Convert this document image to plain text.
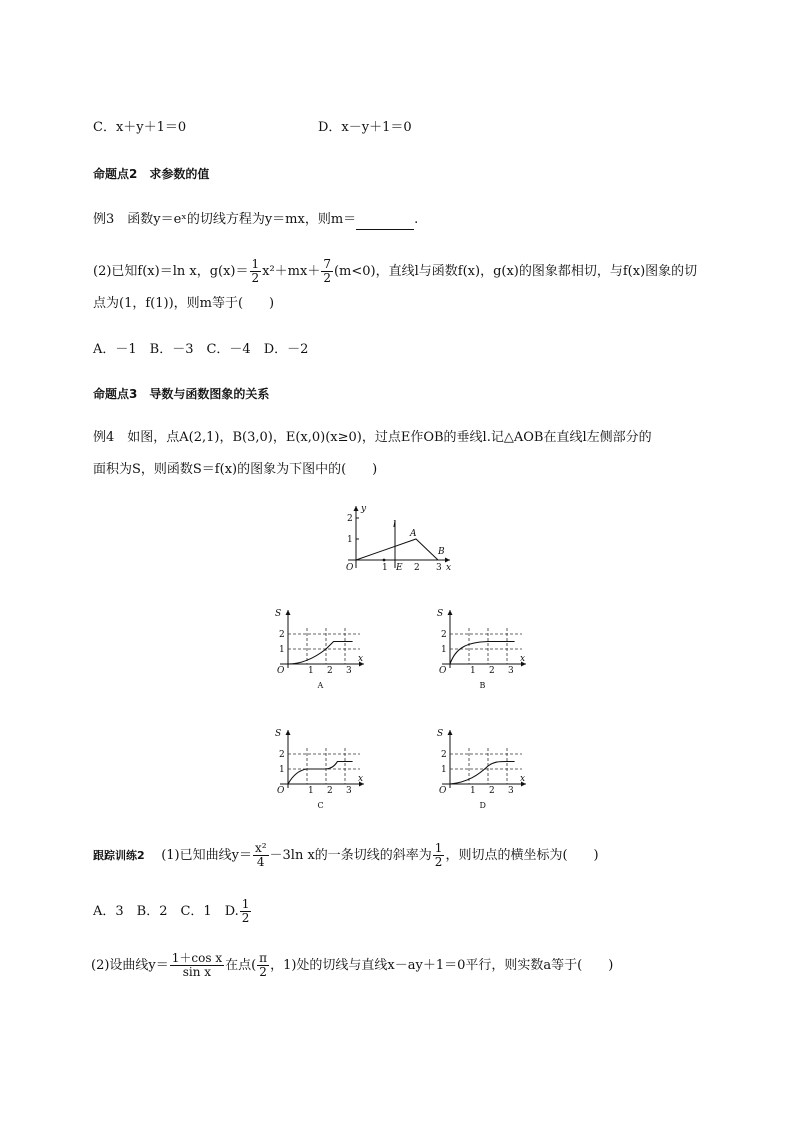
C．x＋y＋1＝0	D．x－y＋1＝0
命题点2　求参数的值
例3　函数y＝eˣ的切线方程为y＝mx，则m＝	.
(2)已知f(x)＝ln x，$g(x)= \frac{1}{2} x^2+mx+ \frac{7}{2} (m<0)$，直线l与函数f(x)，g(x)的图象都相切，与f(x)图象的切
点为(1，f(1))，则m等于(　　)
A．－1　B．－3　C．－4　D．－2
命题点3　导数与函数图象的关系
例4　如图，点A(2,1)，B(3,0)，E(x,0)(x≥0)，过点E作OB的垂线l.记△AOB在直线l左侧部分的
面积为S，则函数S＝f(x)的图象为下图中的(　　)
y
x
O	E
A
B
l
1	2 3
1
2
S
x
O
1
2
1 2 3
A
S
x
O
1
2
1 2 3
B
S
x
O
1
2
1 2 3
C
S
x
O
1
2
1 2 3
D
跟踪训练2 (1)已知曲线$y= \frac{\text{x²}}{4} -3\ln$ x的一条切线的斜率为 $\frac{1}{2}$ ，则切点的横坐标为(　　)
A．3　B．2　C．1　D. $\frac{1}{2}$
(2)设曲线$y= \frac{\text{1＋cos x}}{\text{sin x}}$ 在点( $\frac{\pi}{2}$ ，1)处的切线与直线x－ay＋1＝0平行，则实数a等于(　　)
